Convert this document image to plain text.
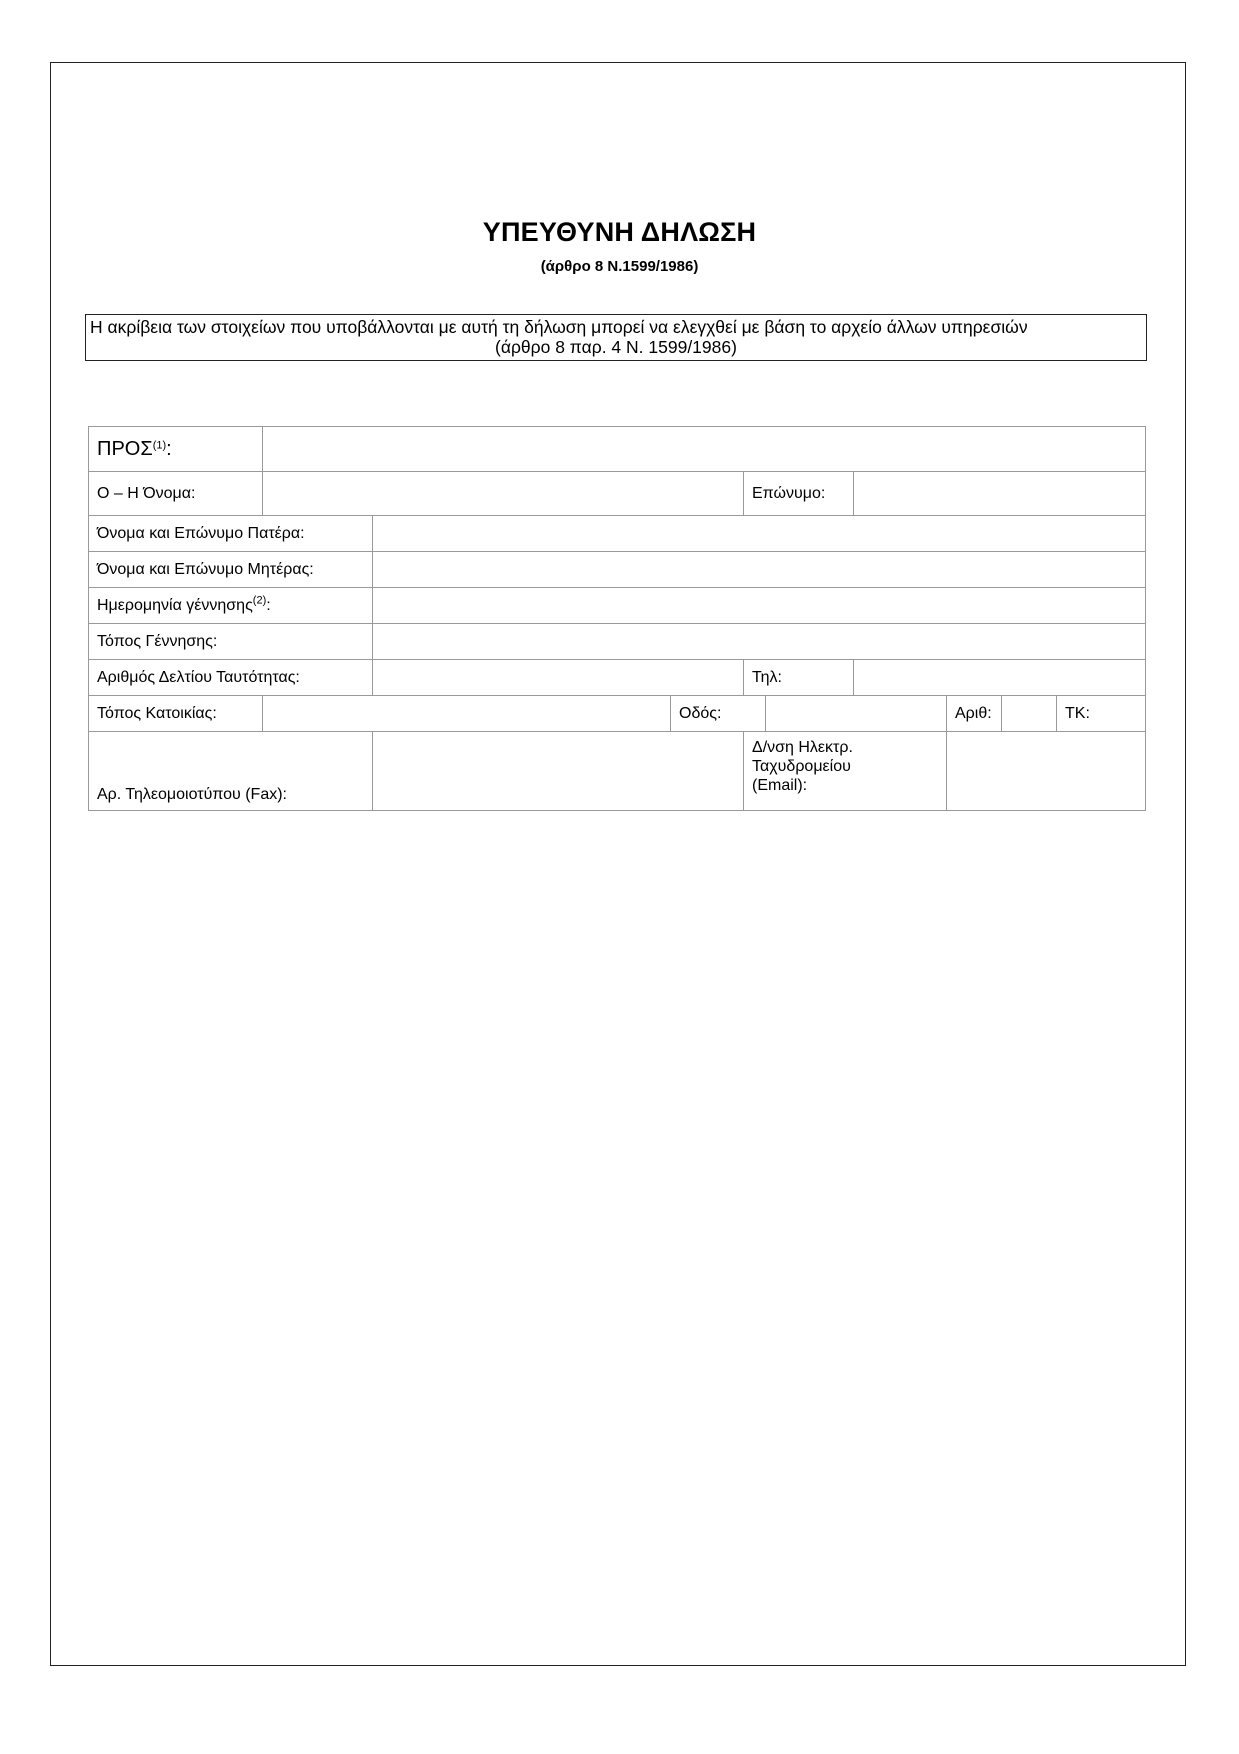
ΥΠΕΥΘΥΝΗ ΔΗΛΩΣΗ
(άρθρο 8 Ν.1599/1986)
Η ακρίβεια των στοιχείων που υποβάλλονται με αυτή τη δήλωση μπορεί να ελεγχθεί με βάση το αρχείο άλλων υπηρεσιών
(άρθρο 8 παρ. 4 Ν. 1599/1986)
ΠΡΟΣ$^{(1)}$:									
Ο – Η Όνομα:				Επώνυμο:					
Όνομα και Επώνυμο Πατέρα:									
Όνομα και Επώνυμο Μητέρας:									
Ημερομηνία γέννησης$^{(2)}$:									
Τόπος Γέννησης:									
Αριθμός Δελτίου Ταυτότητας:				Τηλ:					
Τόπος Κατοικίας:			Οδός:				Αριθ:		ΤΚ:
Αρ. Τηλεομοιοτύπου (Fax):				Δ/νση Ηλεκτρ.
Ταχυδρομείου
(Email):					
